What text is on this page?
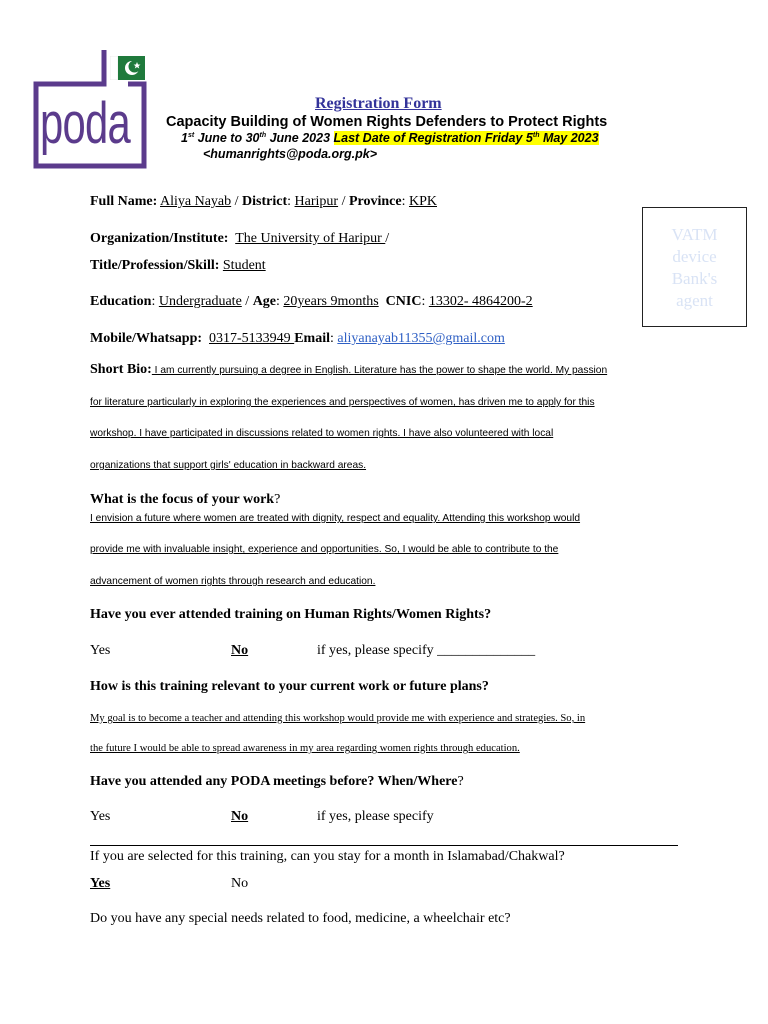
poda	Registration Form
Capacity Building of Women Rights Defenders to Protect Rights
1st June to 30th June 2023 Last Date of Registration Friday 5th May 2023
<humanrights@poda.org.pk>
VATM
device
Bank's
agent
Full Name: Aliya Nayab / District: Haripur / Province: KPK
Organization/Institute: The University of Haripur /
Title/Profession/Skill: Student
Education: Undergraduate / Age: 20years 9months CNIC: 13302- 4864200-2
Mobile/Whatsapp: 0317-5133949 Email: aliyanayab11355@gmail.com
Short Bio: I am currently pursuing a degree in English. Literature has the power to shape the world. My passion
for literature particularly in exploring the experiences and perspectives of women, has driven me to apply for this
workshop. I have participated in discussions related to women rights. I have also volunteered with local
organizations that support girls' education in backward areas.
What is the focus of your work?
I envision a future where women are treated with dignity, respect and equality. Attending this workshop would
provide me with invaluable insight, experience and opportunities. So, I would be able to contribute to the
advancement of women rights through research and education.
Have you ever attended training on Human Rights/Women Rights?
Yes	No	if yes, please specify ______________
How is this training relevant to your current work or future plans?
My goal is to become a teacher and attending this workshop would provide me with experience and strategies. So, in
the future I would be able to spread awareness in my area regarding women rights through education.
Have you attended any PODA meetings before? When/Where?
Yes	No	if yes, please specify
If you are selected for this training, can you stay for a month in Islamabad/Chakwal?
Yes	No
Do you have any special needs related to food, medicine, a wheelchair etc?
